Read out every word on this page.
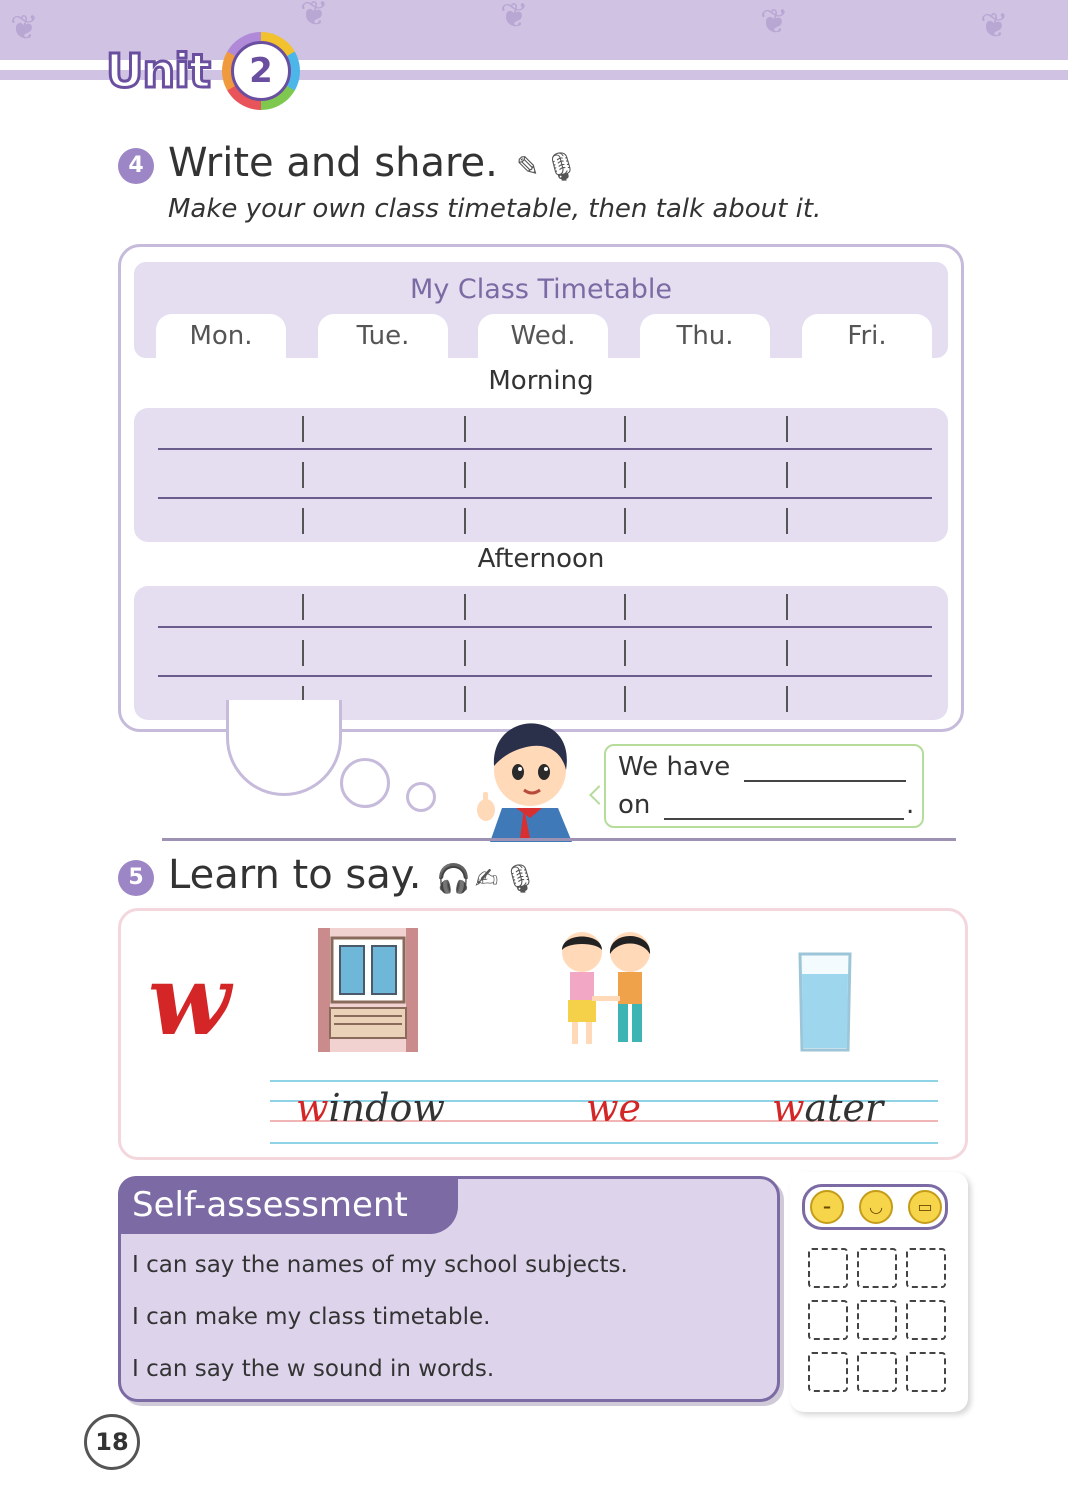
❦	❦	❦	❦	❦
Unit	2
4 Write and share. ✎🎙
Make your own class timetable, then talk about it.
My Class Timetable
Mon.	Tue.	Wed.	Thu.	Fri.
Morning
Afternoon
We have
on	.
5 Learn to say. 🎧✍🎙
w
window	we	water
Self-assessment
I can say the names of my school subjects.
I can make my class timetable.
I can say the w sound in words.
–	◡	▭
18
